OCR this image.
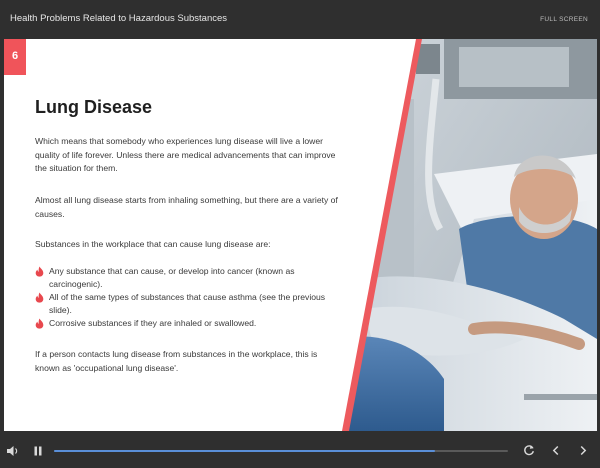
Health Problems Related to Hazardous Substances	FULL SCREEN
6
Lung Disease

Which means that somebody who experiences lung disease will live a lower quality of life forever. Unless there are medical advancements that can improve the situation for them.

Almost all lung disease starts from inhaling something, but there are a variety of causes.

Substances in the workplace that can cause lung disease are:

Any substance that can cause, or develop into cancer (known as carcinogenic).
All of the same types of substances that cause asthma (see the previous slide).
Corrosive substances if they are inhaled or swallowed.

If a person contacts lung disease from substances in the workplace, this is known as 'occupational lung disease'.
